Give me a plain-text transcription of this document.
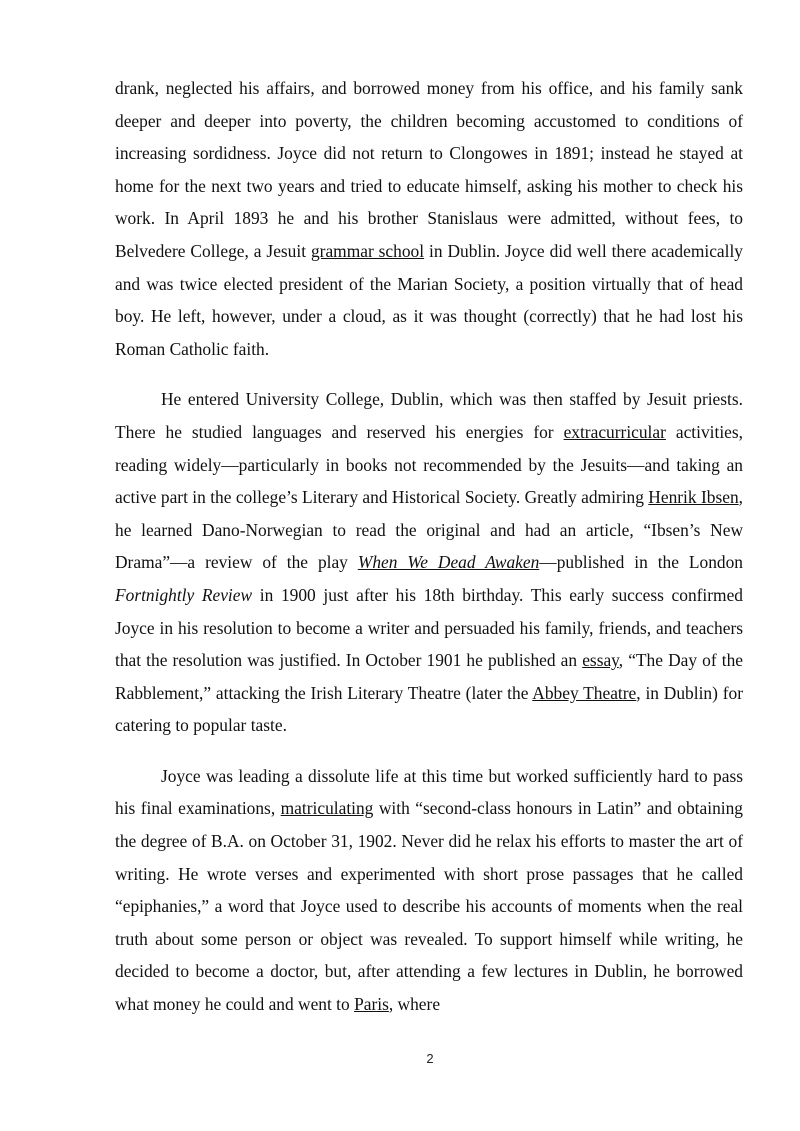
drank, neglected his affairs, and borrowed money from his office, and his family sank deeper and deeper into poverty, the children becoming accustomed to conditions of increasing sordidness. Joyce did not return to Clongowes in 1891; instead he stayed at home for the next two years and tried to educate himself, asking his mother to check his work. In April 1893 he and his brother Stanislaus were admitted, without fees, to Belvedere College, a Jesuit grammar school in Dublin. Joyce did well there academically and was twice elected president of the Marian Society, a position virtually that of head boy. He left, however, under a cloud, as it was thought (correctly) that he had lost his Roman Catholic faith.

He entered University College, Dublin, which was then staffed by Jesuit priests. There he studied languages and reserved his energies for extracurricular activities, reading widely—particularly in books not recommended by the Jesuits—and taking an active part in the college’s Literary and Historical Society. Greatly admiring Henrik Ibsen, he learned Dano-Norwegian to read the original and had an article, “Ibsen’s New Drama”—a review of the play When We Dead Awaken—published in the London Fortnightly Review in 1900 just after his 18th birthday. This early success confirmed Joyce in his resolution to become a writer and persuaded his family, friends, and teachers that the resolution was justified. In October 1901 he published an essay, “The Day of the Rabblement,” attacking the Irish Literary Theatre (later the Abbey Theatre, in Dublin) for catering to popular taste.

Joyce was leading a dissolute life at this time but worked sufficiently hard to pass his final examinations, matriculating with “second-class honours in Latin” and obtaining the degree of B.A. on October 31, 1902. Never did he relax his efforts to master the art of writing. He wrote verses and experimented with short prose passages that he called “epiphanies,” a word that Joyce used to describe his accounts of moments when the real truth about some person or object was revealed. To support himself while writing, he decided to become a doctor, but, after attending a few lectures in Dublin, he borrowed what money he could and went to Paris, where

2
